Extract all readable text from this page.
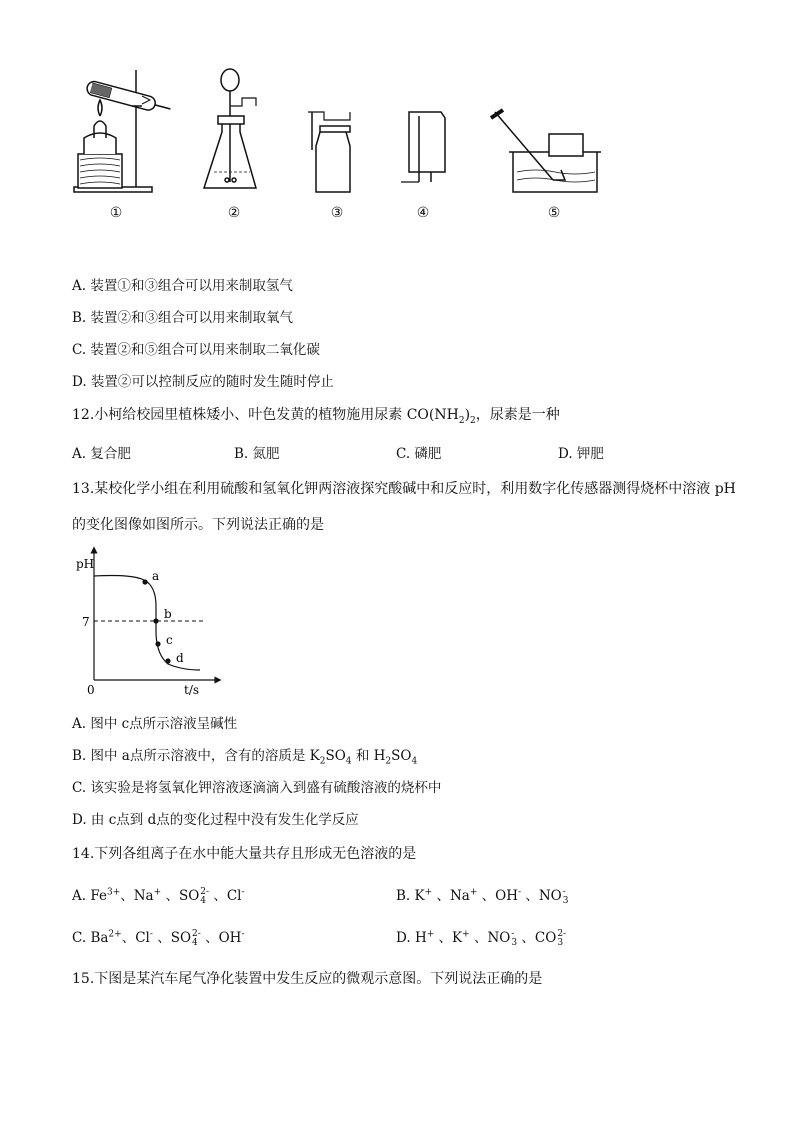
①	②	③	④	⑤
A. 装置①和③组合可以用来制取氢气
B. 装置②和③组合可以用来制取氧气
C. 装置②和⑤组合可以用来制取二氧化碳
D. 装置②可以控制反应的随时发生随时停止
12.小柯给校园里植株矮小、叶色发黄的植物施用尿素 $CO(NH_2)_2$，尿素是一种
A. 复合肥	B. 氮肥	C. 磷肥	D. 钾肥
13.某校化学小组在利用硫酸和氢氧化钾两溶液探究酸碱中和反应时，利用数字化传感器测得烧杯中溶液 pH
的变化图像如图所示。下列说法正确的是
pH
t/s
0
7
a
b
c
d
A. 图中 c点所示溶液呈碱性
B. 图中 a点所示溶液中，含有的溶质是 $K_2SO_4$ 和 $H_2SO_4$
C. 该实验是将氢氧化钾溶液逐滴滴入到盛有硫酸溶液的烧杯中
D. 由 c点到 d点的变化过程中没有发生化学反应
14.下列各组离子在水中能大量共存且形成无色溶液的是
A. $Fe^{3+}$、Na+ 、SO2-
4 、Cl-	B. K+ 、Na+ 、OH- 、NO-
3
C. $Ba^{2+}$、Cl- 、SO2-
4 、OH-	D. H+ 、K+ 、NO-
3 、CO2-
3
15.下图是某汽车尾气净化装置中发生反应的微观示意图。下列说法正确的是
